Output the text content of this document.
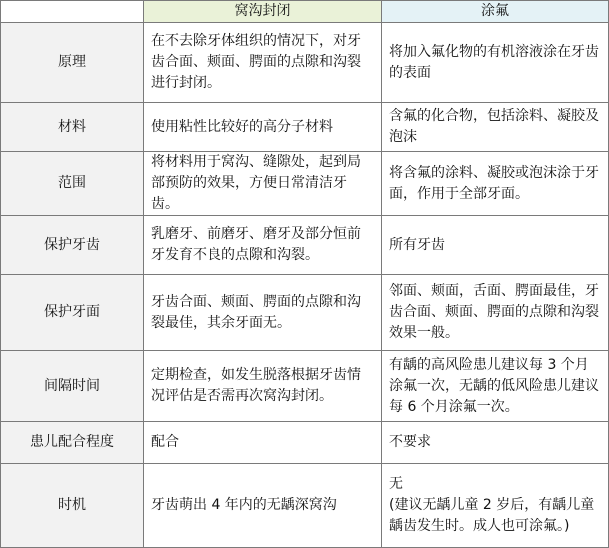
	窝沟封闭	涂氟
原理	在不去除牙体组织的情况下，对牙齿合面、颊面、腭面的点隙和沟裂进行封闭。	将加入氟化物的有机溶液涂在牙齿的表面
材料	使用粘性比较好的高分子材料	含氟的化合物，包括涂料、凝胶及泡沫
范围	将材料用于窝沟、缝隙处，起到局部预防的效果，方便日常清洁牙齿。	将含氟的涂料、凝胶或泡沫涂于牙面，作用于全部牙面。
保护牙齿	乳磨牙、前磨牙、磨牙及部分恒前牙发育不良的点隙和沟裂。	所有牙齿
保护牙面	牙齿合面、颊面、腭面的点隙和沟裂最佳，其余牙面无。	邻面、颊面，舌面、腭面最佳，牙齿合面、颊面、腭面的点隙和沟裂效果一般。
间隔时间	定期检查，如发生脱落根据牙齿情况评估是否需再次窝沟封闭。	有龋的高风险患儿建议每 3 个月涂氟一次，无龋的低风险患儿建议每 6 个月涂氟一次。
患儿配合程度	配合	不要求
时机	牙齿萌出 4 年内的无龋深窝沟	无
(建议无龋儿童 2 岁后，有龋儿童龋齿发生时。成人也可涂氟。)
